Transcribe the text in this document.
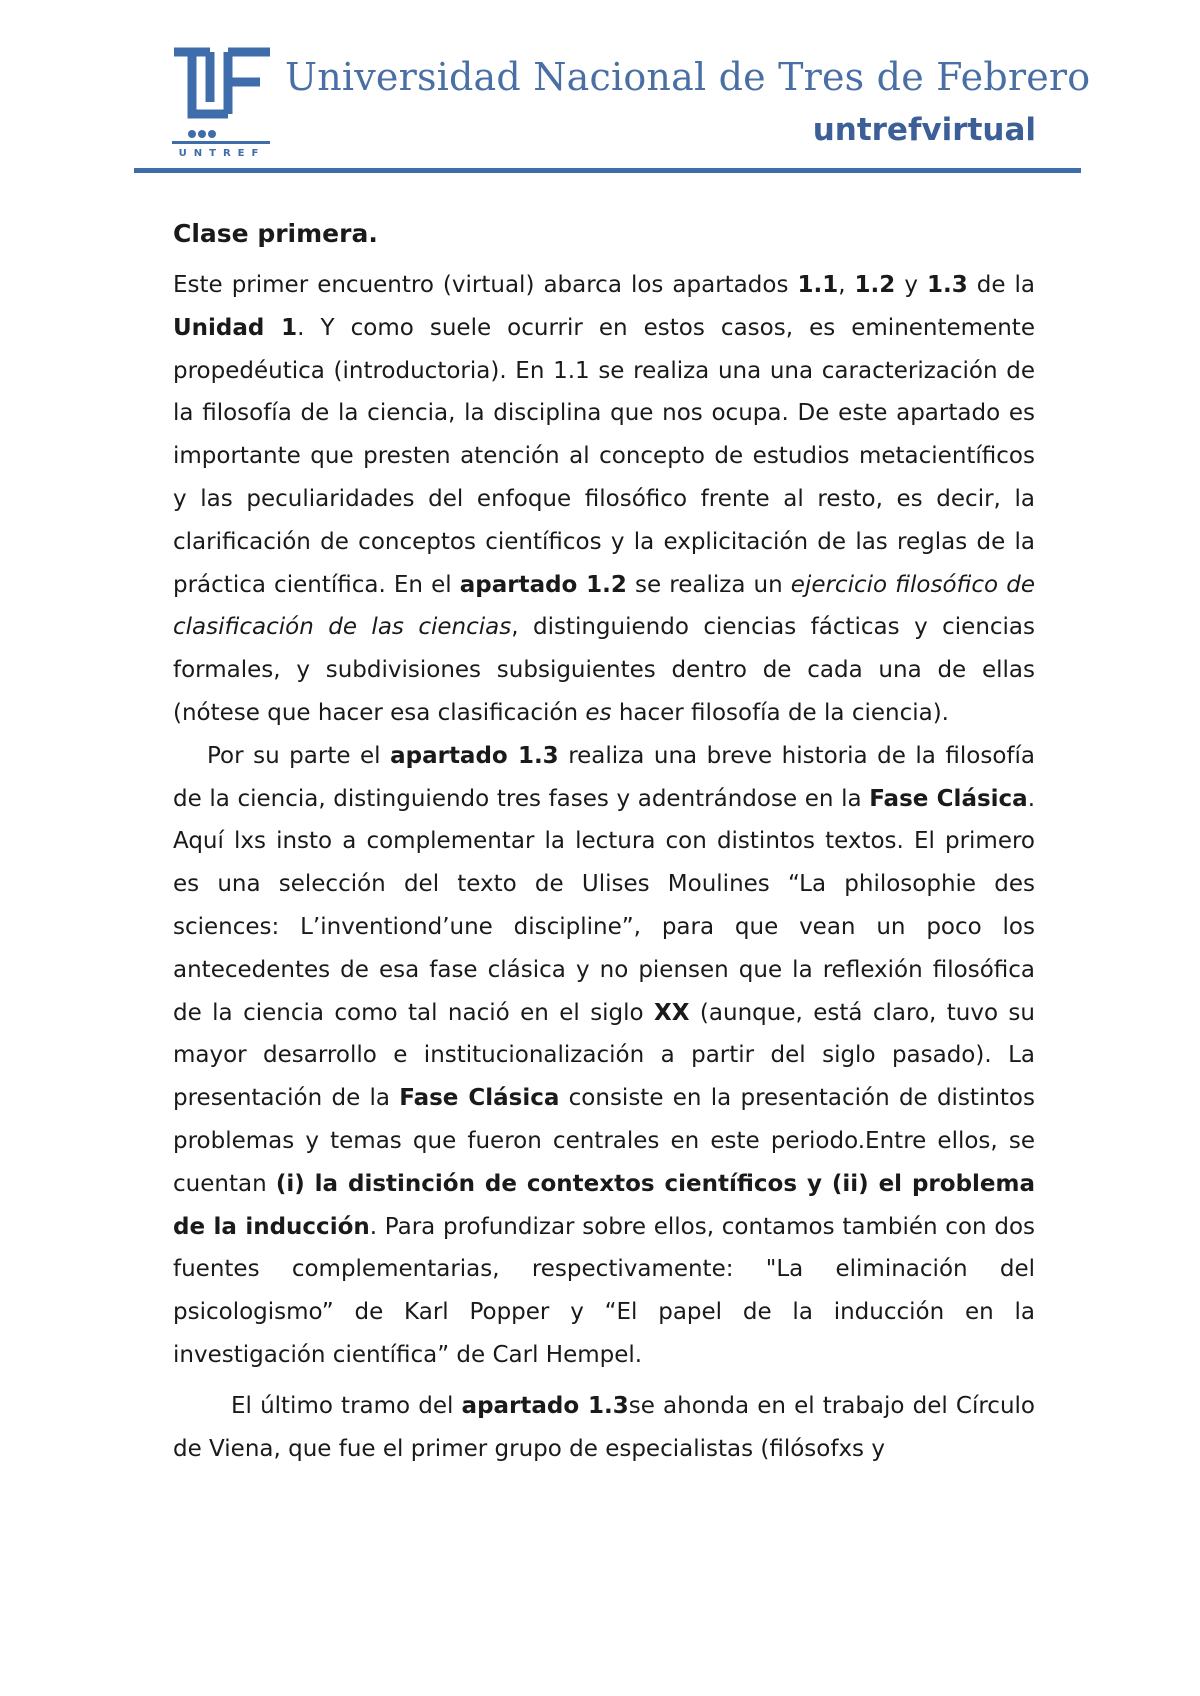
UNTREF
Universidad Nacional de Tres de Febrero
untrefvirtual
Clase primera.

Este primer encuentro (virtual) abarca los apartados 1.1, 1.2 y 1.3 de la Unidad 1. Y como suele ocurrir en estos casos, es eminentemente propedéutica (introductoria). En 1.1 se realiza una una caracterización de la filosofía de la ciencia, la disciplina que nos ocupa. De este apartado es importante que presten atención al concepto de estudios metacientíficos y las peculiaridades del enfoque filosófico frente al resto, es decir, la clarificación de conceptos científicos y la explicitación de las reglas de la práctica científica. En el apartado 1.2 se realiza un ejercicio filosófico de clasificación de las ciencias, distinguiendo ciencias fácticas y ciencias formales, y subdivisiones subsiguientes dentro de cada una de ellas (nótese que hacer esa clasificación es hacer filosofía de la ciencia).

Por su parte el apartado 1.3 realiza una breve historia de la filosofía de la ciencia, distinguiendo tres fases y adentrándose en la Fase Clásica. Aquí lxs insto a complementar la lectura con distintos textos. El primero es una selección del texto de Ulises Moulines “La philosophie des sciences: L’inventiond’une discipline”, para que vean un poco los antecedentes de esa fase clásica y no piensen que la reflexión filosófica de la ciencia como tal nació en el siglo XX (aunque, está claro, tuvo su mayor desarrollo e institucionalización a partir del siglo pasado). La presentación de la Fase Clásica consiste en la presentación de distintos problemas y temas que fueron centrales en este periodo.Entre ellos, se cuentan (i) la distinción de contextos científicos y (ii) el problema de la inducción. Para profundizar sobre ellos, contamos también con dos fuentes complementarias, respectivamente: "La eliminación del psicologismo” de Karl Popper y “El papel de la inducción en la investigación científica” de Carl Hempel.

El último tramo del apartado 1.3se ahonda en el trabajo del Círculo de Viena, que fue el primer grupo de especialistas (filósofxs y
